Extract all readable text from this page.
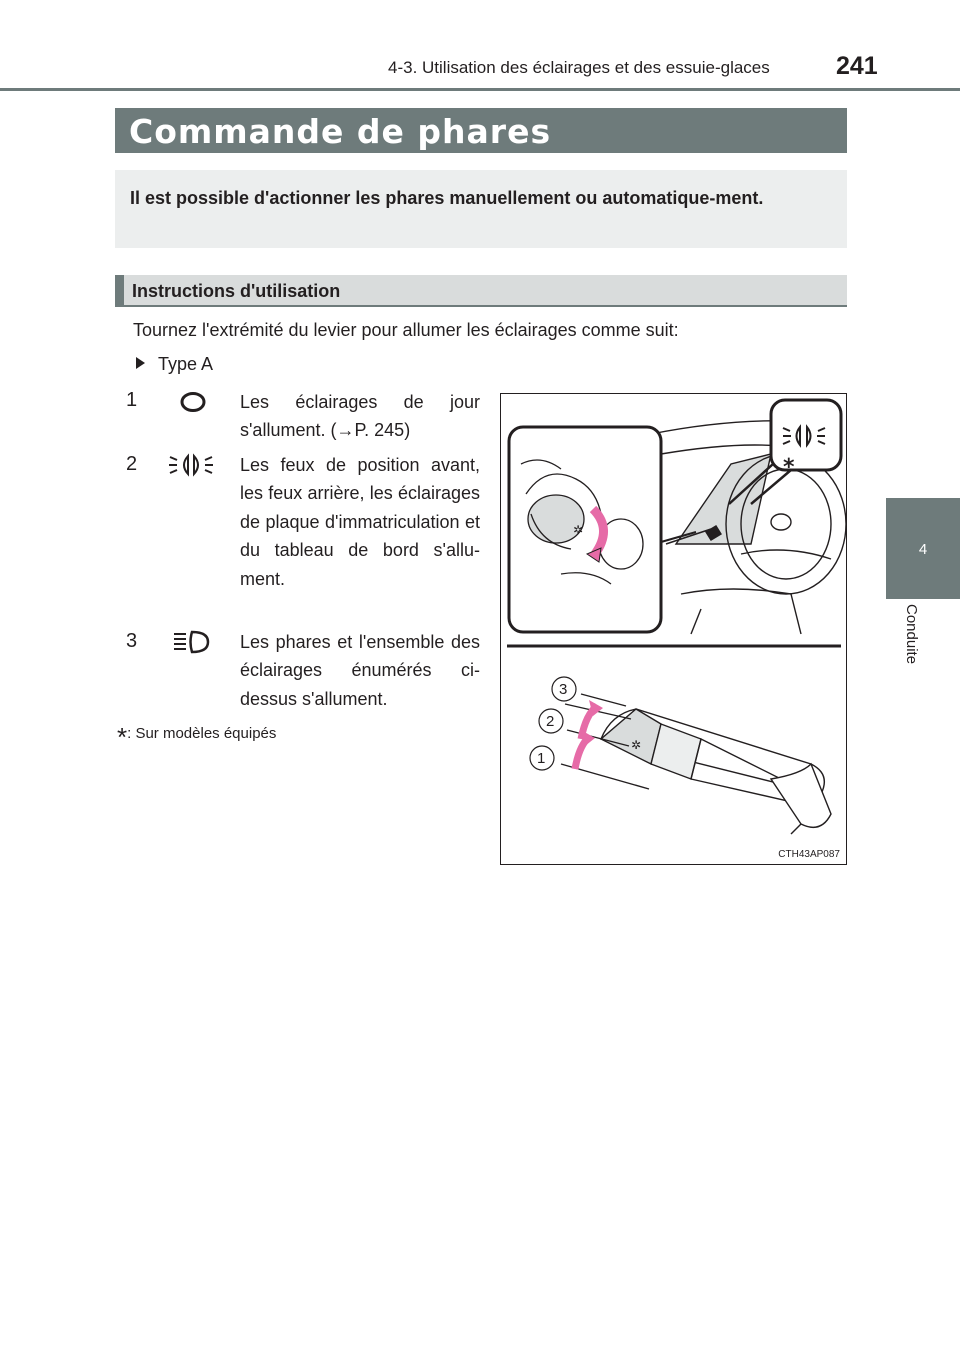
4-3. Utilisation des éclairages et des essuie-glaces	241
4
Conduite
Commande de phares
Il est possible d'actionner les phares manuellement ou automatique-ment.
Instructions d'utilisation
Tournez l'extrémité du levier pour allumer les éclairages comme suit:
Type A
1	Les éclairages de jour s'allument. (→P. 245)
2	Les feux de position avant, les feux arrière, les éclairages de plaque d'immatriculation et du tableau de bord s'allu-ment.
3	Les phares et l'ensemble des éclairages énumérés ci-dessus s'allument.
*: Sur modèles équipés
✲
*
✲
3
2
1
CTH43AP087
